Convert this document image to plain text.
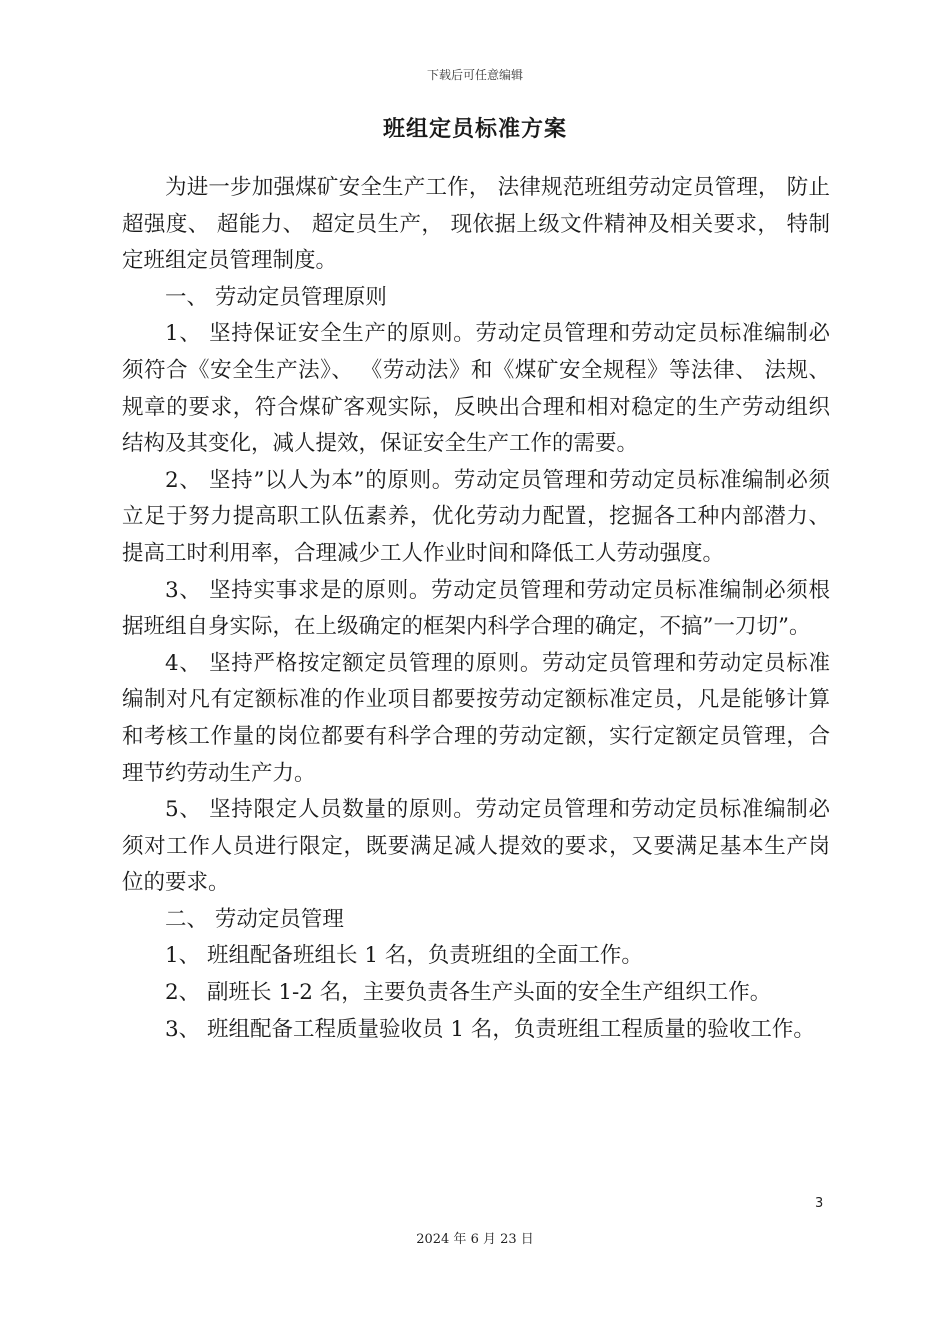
下载后可任意编辑
班组定员标准方案

为进一步加强煤矿安全生产工作， 法律规范班组劳动定员管理， 防止超强度、 超能力、 超定员生产， 现依据上级文件精神及相关要求， 特制定班组定员管理制度。

一、 劳动定员管理原则

1、 坚持保证安全生产的原则。劳动定员管理和劳动定员标准编制必须符合《安全生产法》、 《劳动法》和《煤矿安全规程》等法律、 法规、 规章的要求，符合煤矿客观实际，反映出合理和相对稳定的生产劳动组织结构及其变化，减人提效，保证安全生产工作的需要。

2、 坚持”以人为本”的原则。劳动定员管理和劳动定员标准编制必须立足于努力提高职工队伍素养，优化劳动力配置，挖掘各工种内部潜力、 提高工时利用率，合理减少工人作业时间和降低工人劳动强度。

3、 坚持实事求是的原则。劳动定员管理和劳动定员标准编制必须根据班组自身实际，在上级确定的框架内科学合理的确定，不搞”一刀切”。

4、 坚持严格按定额定员管理的原则。劳动定员管理和劳动定员标准编制对凡有定额标准的作业项目都要按劳动定额标准定员，凡是能够计算和考核工作量的岗位都要有科学合理的劳动定额，实行定额定员管理，合理节约劳动生产力。

5、 坚持限定人员数量的原则。劳动定员管理和劳动定员标准编制必须对工作人员进行限定，既要满足减人提效的要求，又要满足基本生产岗位的要求。

二、 劳动定员管理

1、 班组配备班组长 1 名，负责班组的全面工作。

2、 副班长 1-2 名，主要负责各生产头面的安全生产组织工作。

3、 班组配备工程质量验收员 1 名，负责班组工程质量的验收工作。

3
2024 年 6 月 23 日
